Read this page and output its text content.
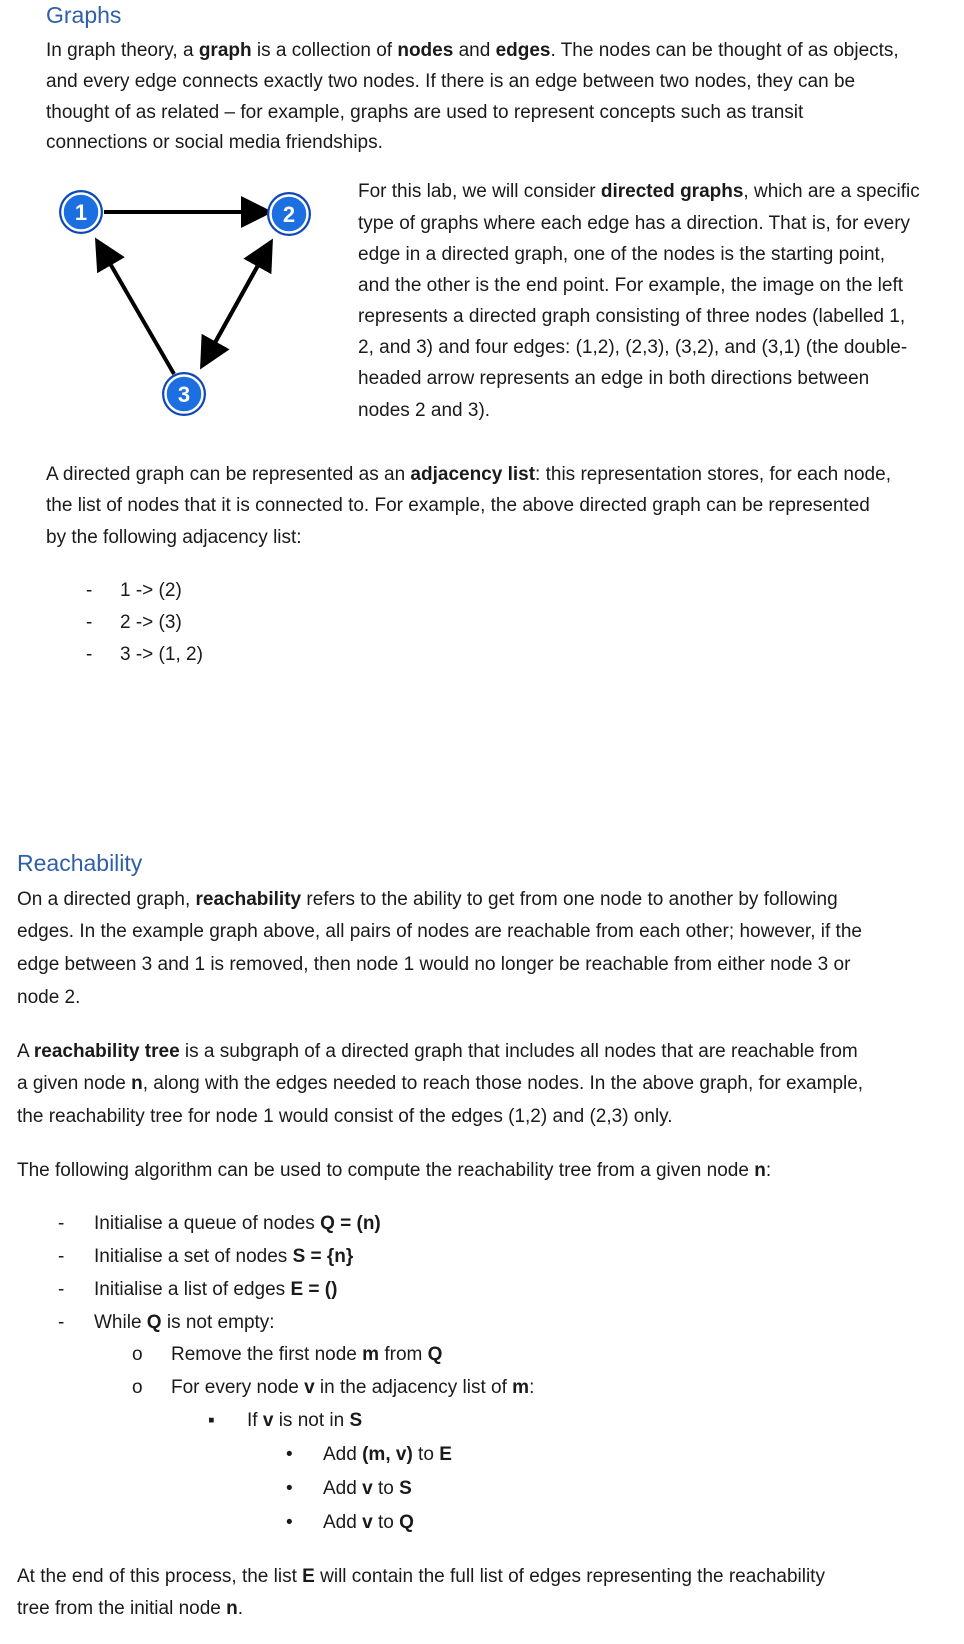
Graphs
In graph theory, a graph is a collection of nodes and edges. The nodes can be thought of as objects,
and every edge connects exactly two nodes. If there is an edge between two nodes, they can be
thought of as related – for example, graphs are used to represent concepts such as transit
connections or social media friendships.
1	2
3
For this lab, we will consider directed graphs, which are a specific
type of graphs where each edge has a direction. That is, for every
edge in a directed graph, one of the nodes is the starting point,
and the other is the end point. For example, the image on the left
represents a directed graph consisting of three nodes (labelled 1,
2, and 3) and four edges: (1,2), (2,3), (3,2), and (3,1) (the double-
headed arrow represents an edge in both directions between
nodes 2 and 3).
A directed graph can be represented as an adjacency list: this representation stores, for each node,
the list of nodes that it is connected to. For example, the above directed graph can be represented
by the following adjacency list:
- 1 -> (2)
- 2 -> (3)
- 3 -> (1, 2)
Reachability
On a directed graph, reachability refers to the ability to get from one node to another by following
edges. In the example graph above, all pairs of nodes are reachable from each other; however, if the
edge between 3 and 1 is removed, then node 1 would no longer be reachable from either node 3 or
node 2.
A reachability tree is a subgraph of a directed graph that includes all nodes that are reachable from
a given node n, along with the edges needed to reach those nodes. In the above graph, for example,
the reachability tree for node 1 would consist of the edges (1,2) and (2,3) only.
The following algorithm can be used to compute the reachability tree from a given node n:
- Initialise a queue of nodes Q = (n)
- Initialise a set of nodes S = {n}
- Initialise a list of edges E = ()
- While Q is not empty:
o Remove the first node m from Q
o For every node v in the adjacency list of m:
▪ If v is not in S
• Add (m, v) to E
• Add v to S
• Add v to Q
At the end of this process, the list E will contain the full list of edges representing the reachability
tree from the initial node n.
